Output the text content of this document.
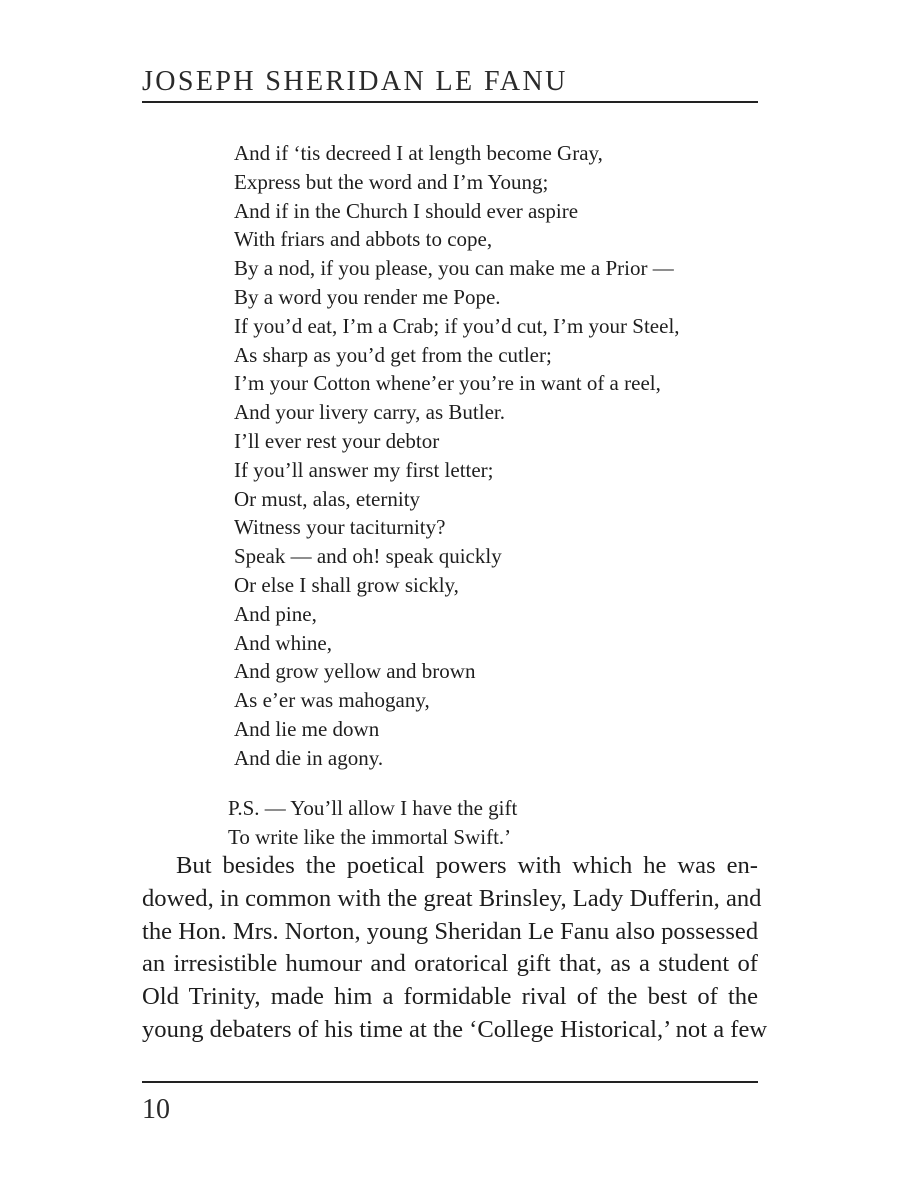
JOSEPH SHERIDAN LE FANU
And if ‘tis decreed I at length become Gray,
Express but the word and I’m Young;
And if in the Church I should ever aspire
With friars and abbots to cope,
By a nod, if you please, you can make me a Prior —
By a word you render me Pope.
If you’d eat, I’m a Crab; if you’d cut, I’m your Steel,
As sharp as you’d get from the cutler;
I’m your Cotton whene’er you’re in want of a reel,
And your livery carry, as Butler.
I’ll ever rest your debtor
If you’ll answer my first letter;
Or must, alas, eternity
Witness your taciturnity?
Speak — and oh! speak quickly
Or else I shall grow sickly,
And pine,
And whine,
And grow yellow and brown
As e’er was mahogany,
And lie me down
And die in agony.
P.S. — You’ll allow I have the gift
To write like the immortal Swift.’
But besides the poetical powers with which he was en-
dowed, in common with the great Brinsley, Lady Dufferin, and
the Hon. Mrs. Norton, young Sheridan Le Fanu also possessed
an irresistible humour and oratorical gift that, as a student of
Old Trinity, made him a formidable rival of the best of the
young debaters of his time at the ‘College Historical,’ not a few
10
